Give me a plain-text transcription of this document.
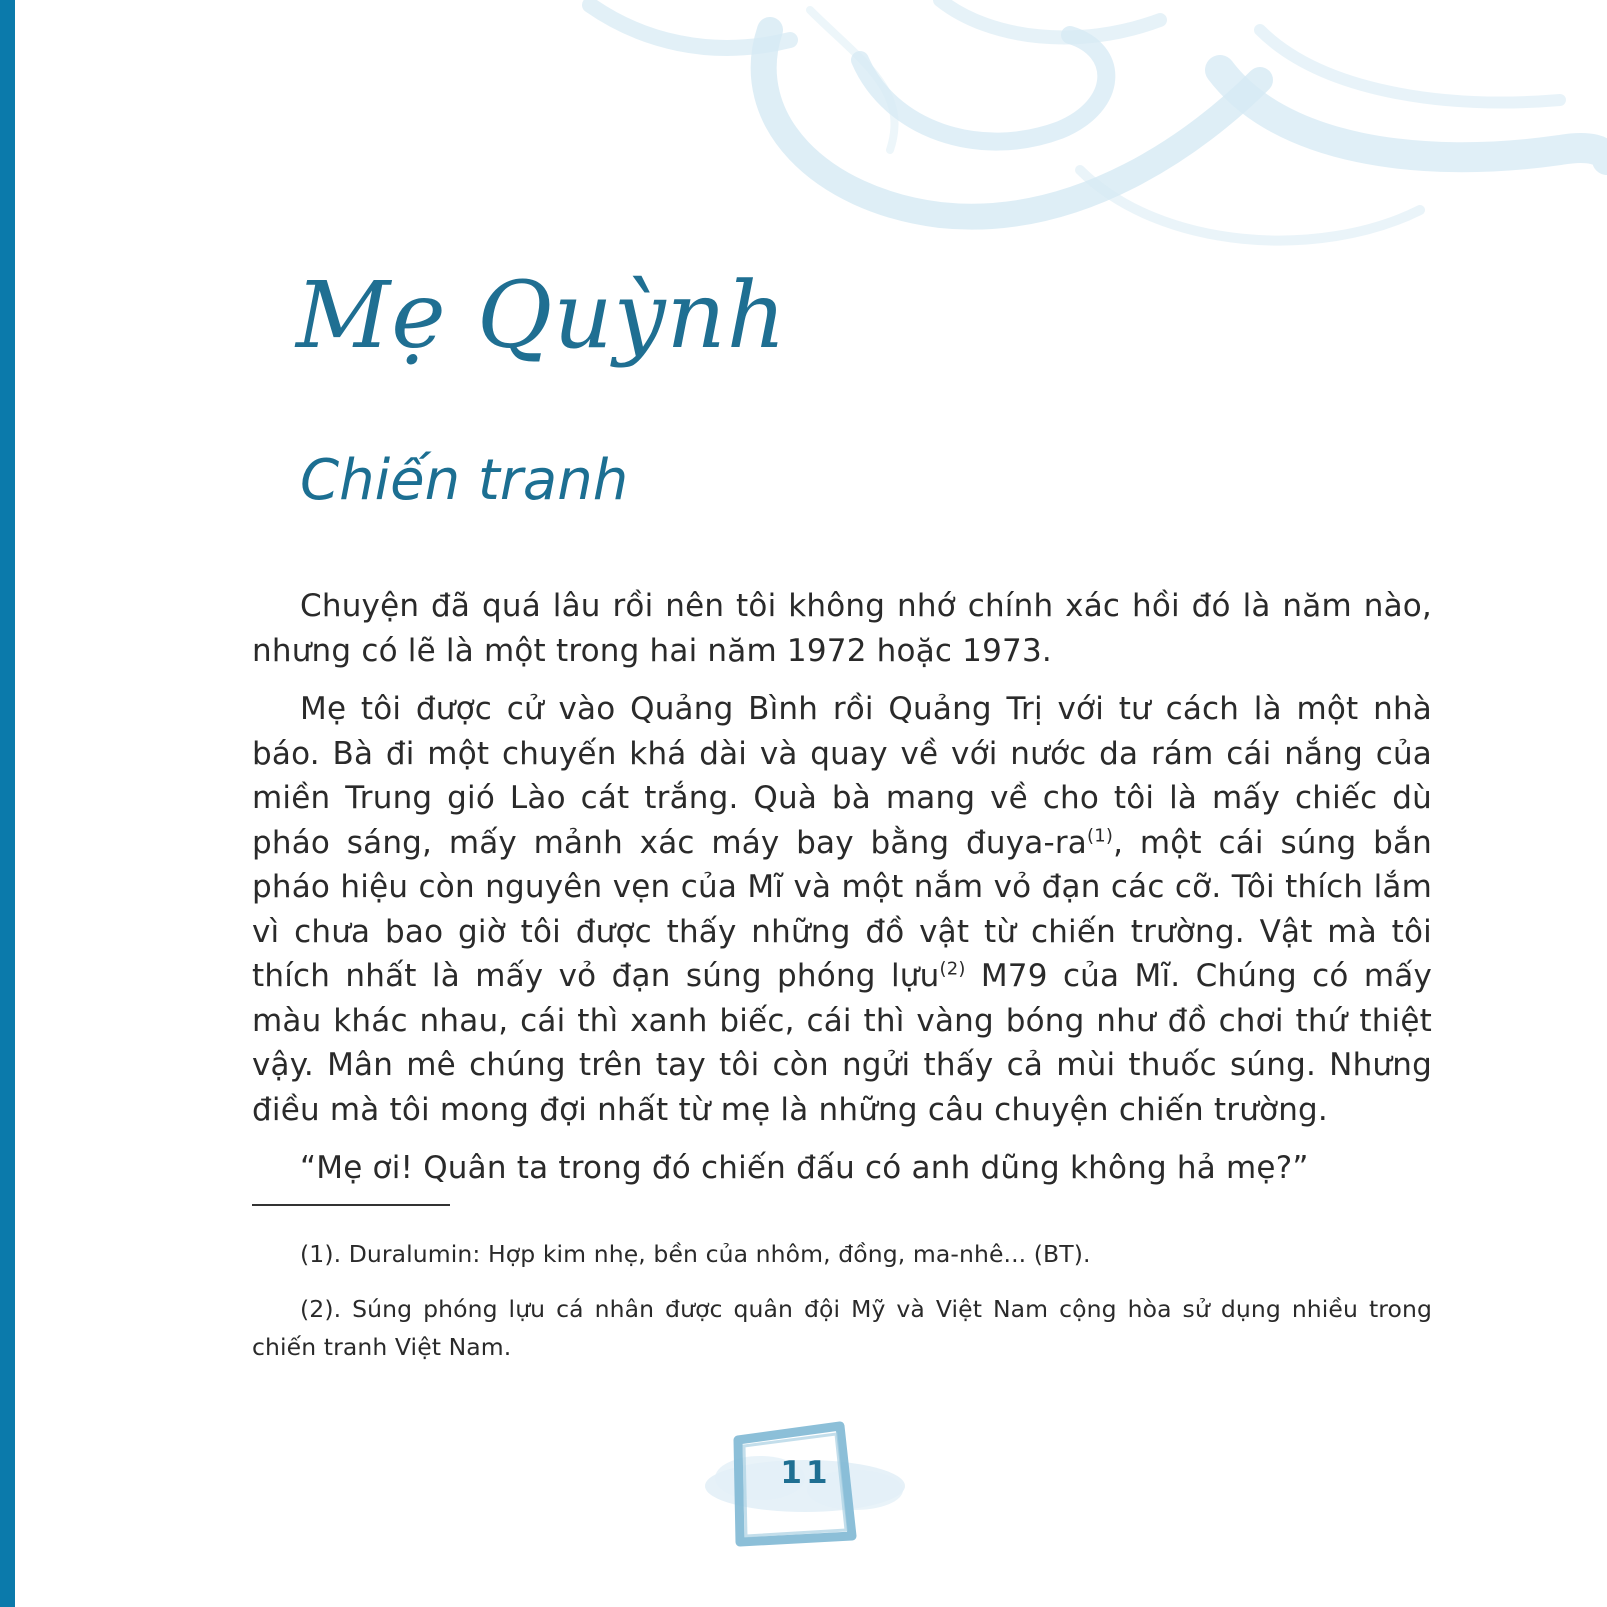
Mẹ Quỳnh
Chiến tranh

Chuyện đã quá lâu rồi nên tôi không nhớ chính xác hồi đó là năm nào, nhưng có lẽ là một trong hai năm 1972 hoặc 1973.

Mẹ tôi được cử vào Quảng Bình rồi Quảng Trị với tư cách là một nhà báo. Bà đi một chuyến khá dài và quay về với nước da rám cái nắng của miền Trung gió Lào cát trắng. Quà bà mang về cho tôi là mấy chiếc dù pháo sáng, mấy mảnh xác máy bay bằng đuya-$ra^{(1)}$, một cái súng bắn pháo hiệu còn nguyên vẹn của Mĩ và một nắm vỏ đạn các cỡ. Tôi thích lắm vì chưa bao giờ tôi được thấy những đồ vật từ chiến trường. Vật mà tôi thích nhất là mấy vỏ đạn súng phóng lựu$^{(2)}$ M79 của Mĩ. Chúng có mấy màu khác nhau, cái thì xanh biếc, cái thì vàng bóng như đồ chơi thứ thiệt vậy. Mân mê chúng trên tay tôi còn ngửi thấy cả mùi thuốc súng. Nhưng điều mà tôi mong đợi nhất từ mẹ là những câu chuyện chiến trường.

“Mẹ ơi! Quân ta trong đó chiến đấu có anh dũng không hả mẹ?”

(1). Duralumin: Hợp kim nhẹ, bền của nhôm, đồng, ma-nhê... (BT).

(2). Súng phóng lựu cá nhân được quân đội Mỹ và Việt Nam cộng hòa sử dụng nhiều trong chiến tranh Việt Nam.

11
